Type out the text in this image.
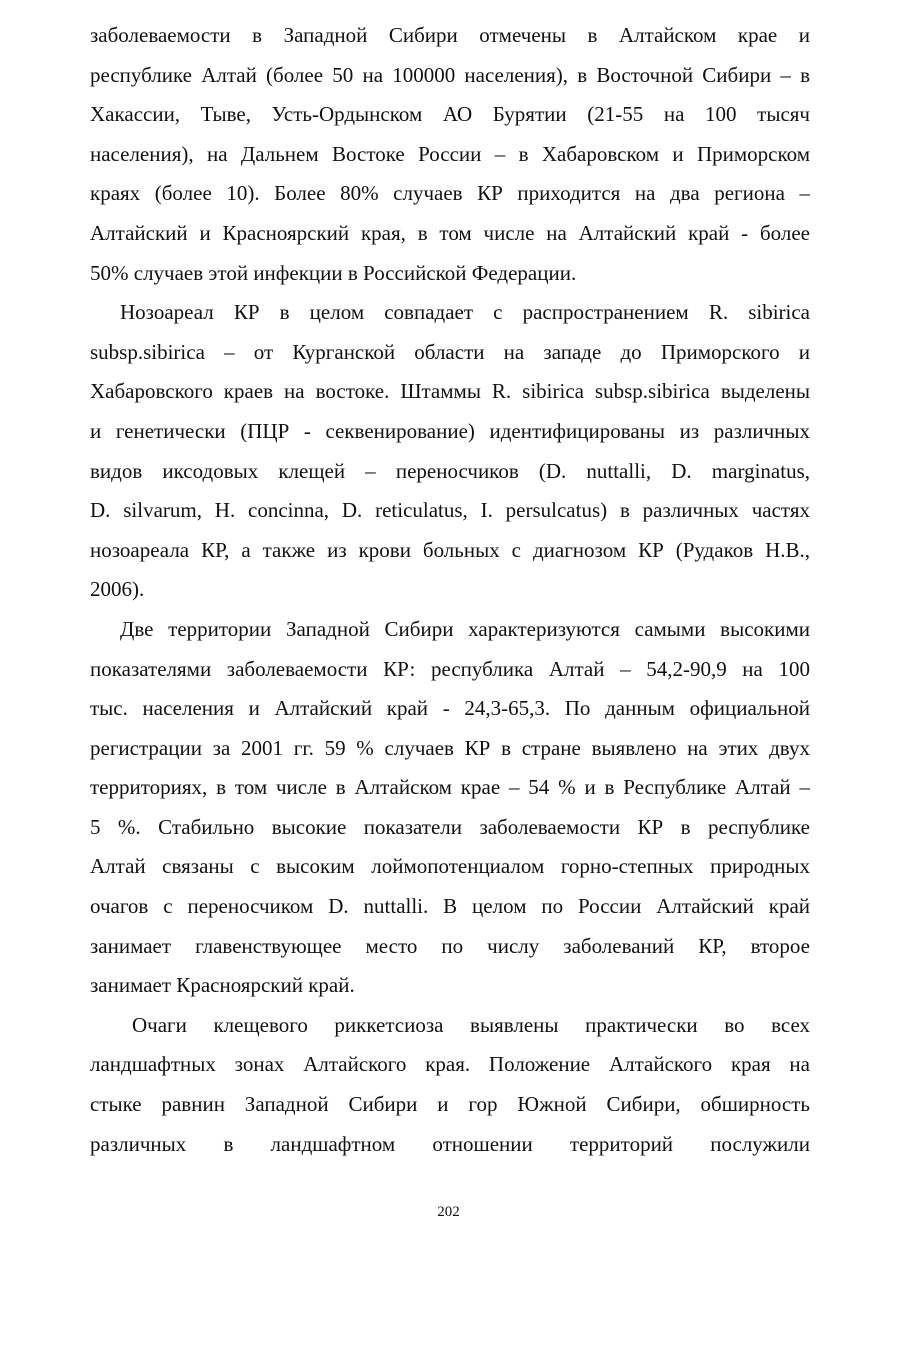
заболеваемости в Западной Сибири отмечены в Алтайском крае и
республике Алтай (более 50 на 100000 населения), в Восточной Сибири – в
Хакассии, Тыве, Усть-Ордынском АО Бурятии (21-55 на 100 тысяч
населения), на Дальнем Востоке России – в Хабаровском и Приморском
краях (более 10). Более 80% случаев КР приходится на два региона –
Алтайский и Красноярский края, в том числе на Алтайский край - более
50% случаев этой инфекции в Российской Федерации.
Нозоареал КР в целом совпадает с распространением R. sibirica
subsp.sibirica – от Курганской области на западе до Приморского и
Хабаровского краев на востоке. Штаммы R. sibirica subsp.sibirica выделены
и генетически (ПЦР - секвенирование) идентифицированы из различных
видов иксодовых клещей – переносчиков (D. nuttalli, D. marginatus,
D. silvarum, H. concinna, D. reticulatus, I. persulcatus) в различных частях
нозоареала КР, а также из крови больных с диагнозом КР (Рудаков Н.В.,
2006).
Две территории Западной Сибири характеризуются самыми высокими
показателями заболеваемости КР: республика Алтай – 54,2-90,9 на 100
тыс. населения и Алтайский край - 24,3-65,3. По данным официальной
регистрации за 2001 гг. 59 % случаев КР в стране выявлено на этих двух
территориях, в том числе в Алтайском крае – 54 % и в Республике Алтай –
5 %. Стабильно высокие показатели заболеваемости КР в республике
Алтай связаны с высоким лоймопотенциалом горно-степных природных
очагов с переносчиком D. nuttalli. В целом по России Алтайский край
занимает главенствующее место по числу заболеваний КР, второе
занимает Красноярский край.
Очаги клещевого риккетсиоза выявлены практически во всех
ландшафтных зонах Алтайского края. Положение Алтайского края на
стыке равнин Западной Сибири и гор Южной Сибири, обширность
различных в ландшафтном отношении территорий послужили
202
